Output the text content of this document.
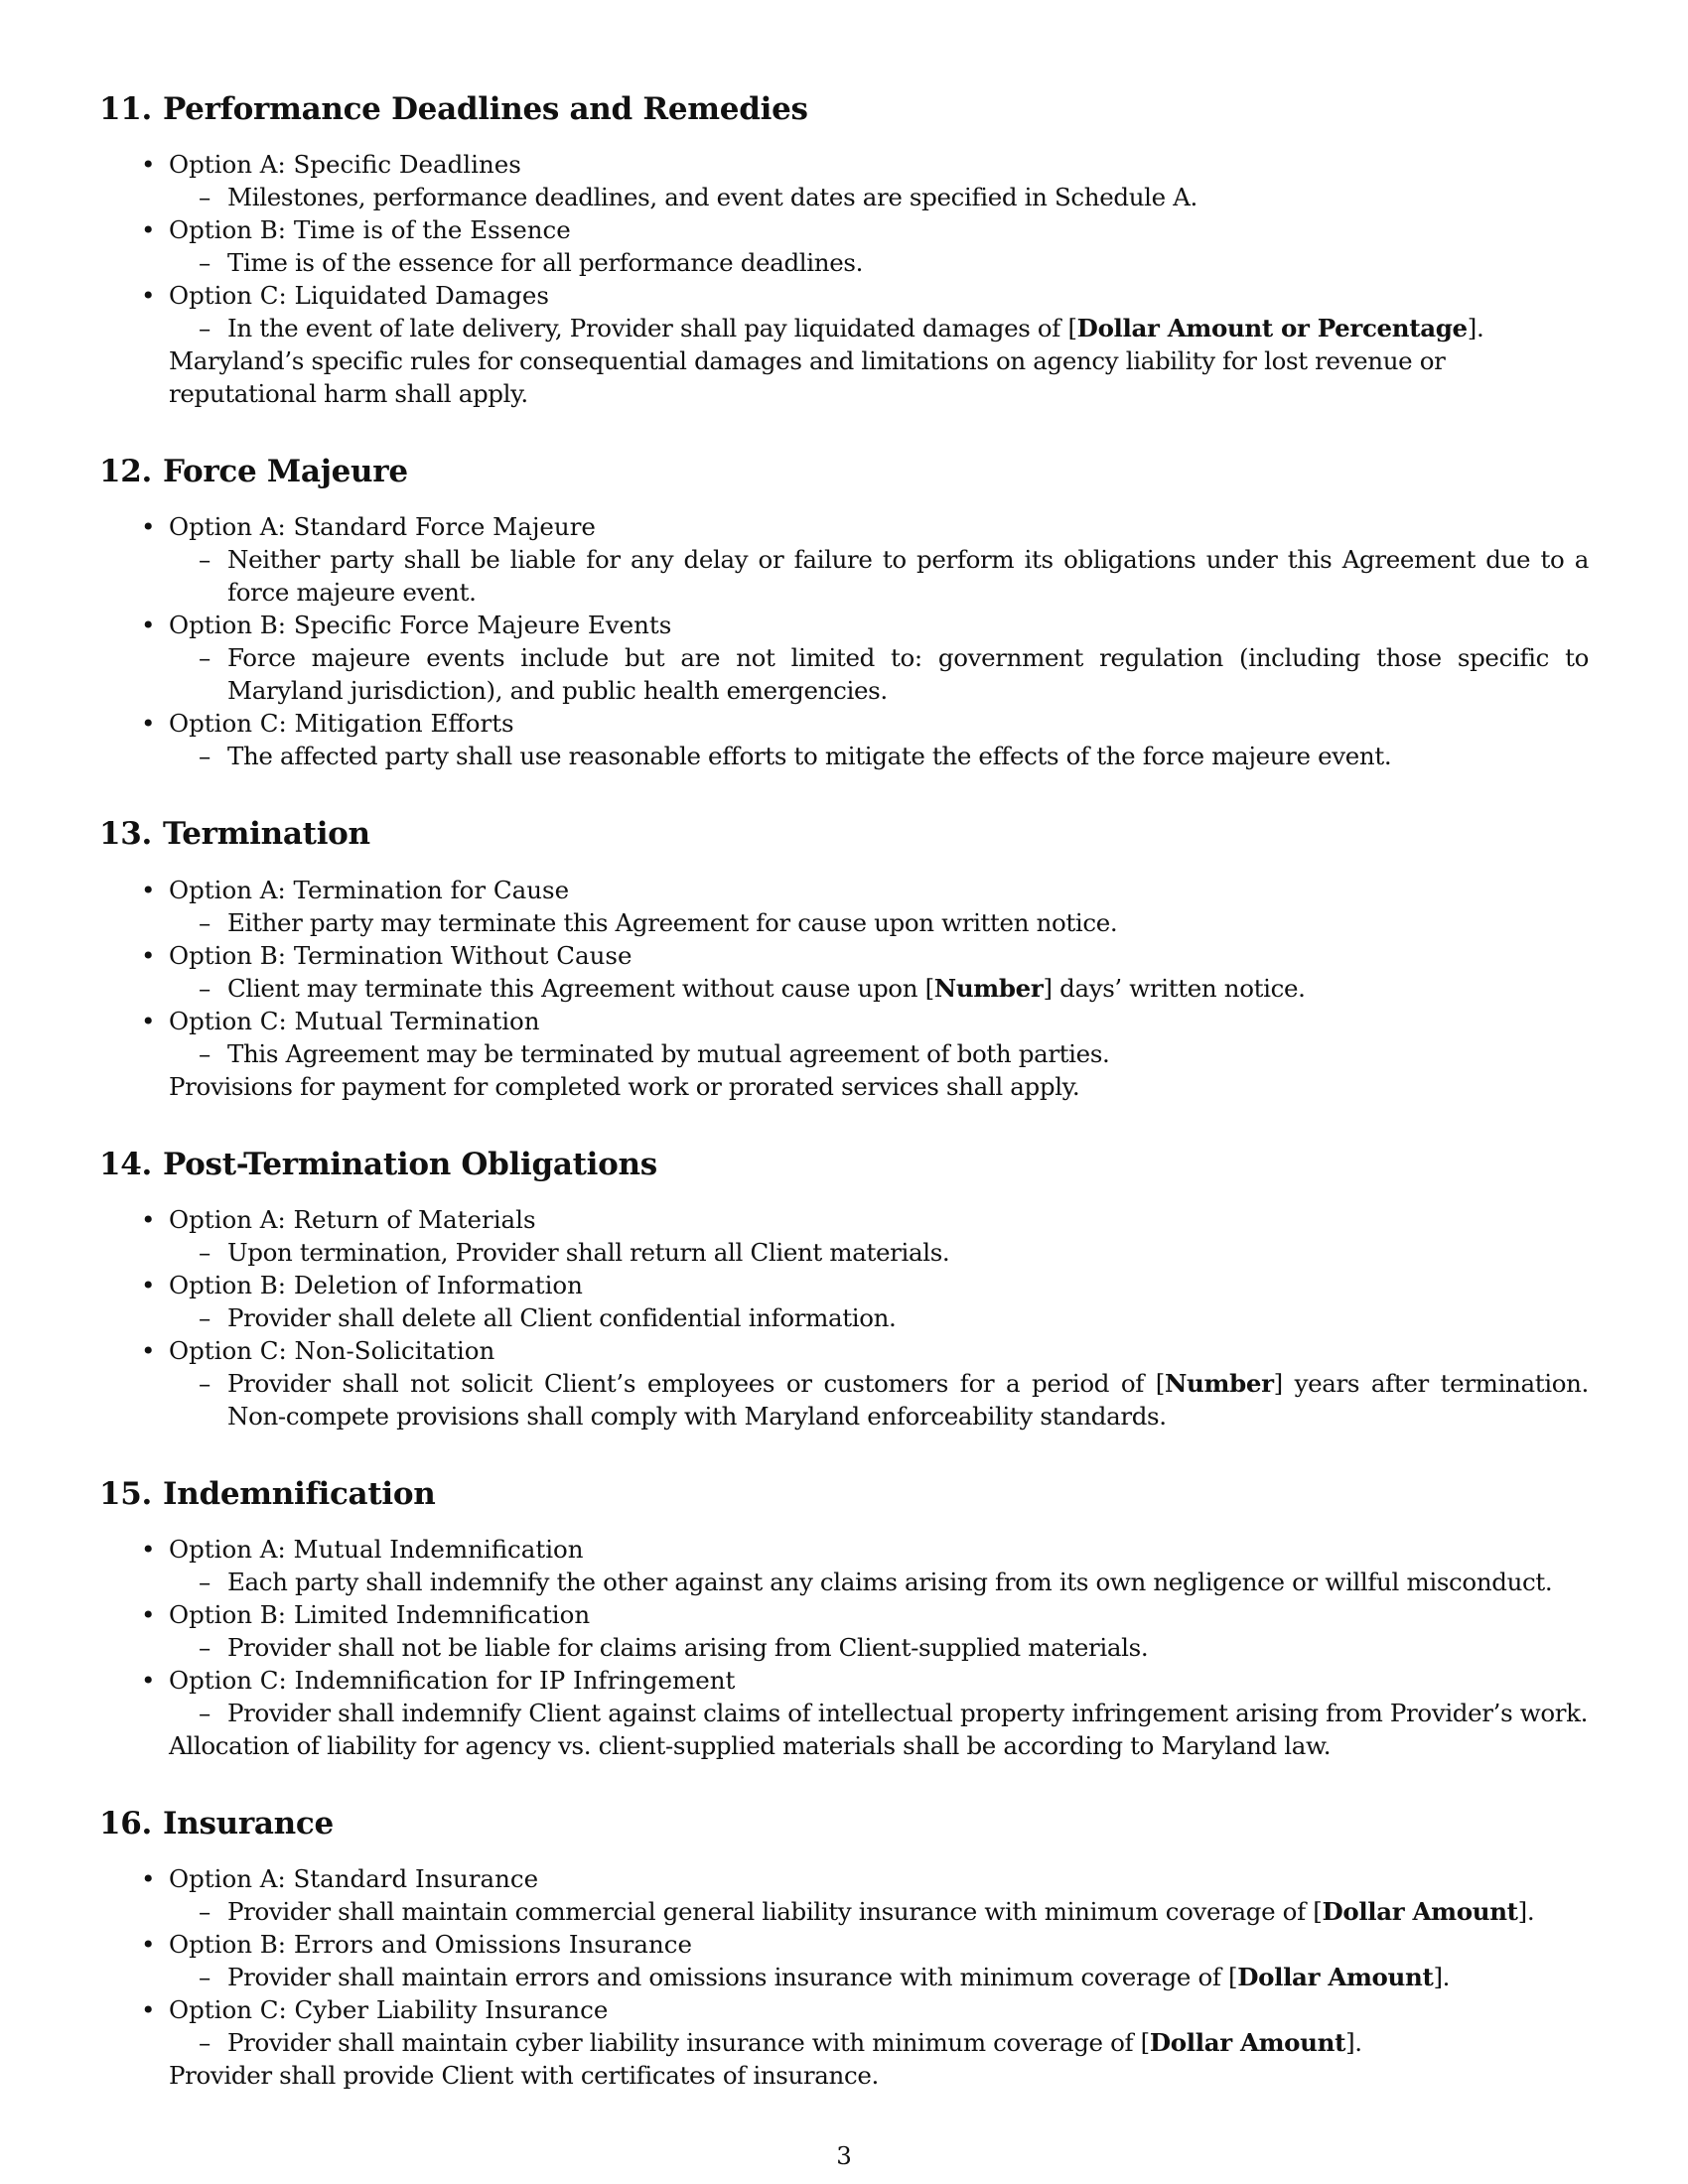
11. Performance Deadlines and Remedies
• Option A: Specific Deadlines
– Milestones, performance deadlines, and event dates are specified in Schedule A.
• Option B: Time is of the Essence
– Time is of the essence for all performance deadlines.
• Option C: Liquidated Damages
– In the event of late delivery, Provider shall pay liquidated damages of [Dollar Amount or Percentage].
Maryland’s specific rules for consequential damages and limitations on agency liability for lost revenue or reputational harm shall apply.
12. Force Majeure
• Option A: Standard Force Majeure
– Neither party shall be liable for any delay or failure to perform its obligations under this Agreement due to a force majeure event.
• Option B: Specific Force Majeure Events
– Force majeure events include but are not limited to: government regulation (including those specific to Maryland jurisdiction), and public health emergencies.
• Option C: Mitigation Efforts
– The affected party shall use reasonable efforts to mitigate the effects of the force majeure event.
13. Termination
• Option A: Termination for Cause
– Either party may terminate this Agreement for cause upon written notice.
• Option B: Termination Without Cause
– Client may terminate this Agreement without cause upon [Number] days’ written notice.
• Option C: Mutual Termination
– This Agreement may be terminated by mutual agreement of both parties.
Provisions for payment for completed work or prorated services shall apply.
14. Post-Termination Obligations
• Option A: Return of Materials
– Upon termination, Provider shall return all Client materials.
• Option B: Deletion of Information
– Provider shall delete all Client confidential information.
• Option C: Non-Solicitation
– Provider shall not solicit Client’s employees or customers for a period of [Number] years after termination. Non-compete provisions shall comply with Maryland enforceability standards.
15. Indemnification
• Option A: Mutual Indemnification
– Each party shall indemnify the other against any claims arising from its own negligence or willful misconduct.
• Option B: Limited Indemnification
– Provider shall not be liable for claims arising from Client-supplied materials.
• Option C: Indemnification for IP Infringement
– Provider shall indemnify Client against claims of intellectual property infringement arising from Provider’s work.
Allocation of liability for agency vs. client-supplied materials shall be according to Maryland law.
16. Insurance
• Option A: Standard Insurance
– Provider shall maintain commercial general liability insurance with minimum coverage of [Dollar Amount].
• Option B: Errors and Omissions Insurance
– Provider shall maintain errors and omissions insurance with minimum coverage of [Dollar Amount].
• Option C: Cyber Liability Insurance
– Provider shall maintain cyber liability insurance with minimum coverage of [Dollar Amount].
Provider shall provide Client with certificates of insurance.
3
